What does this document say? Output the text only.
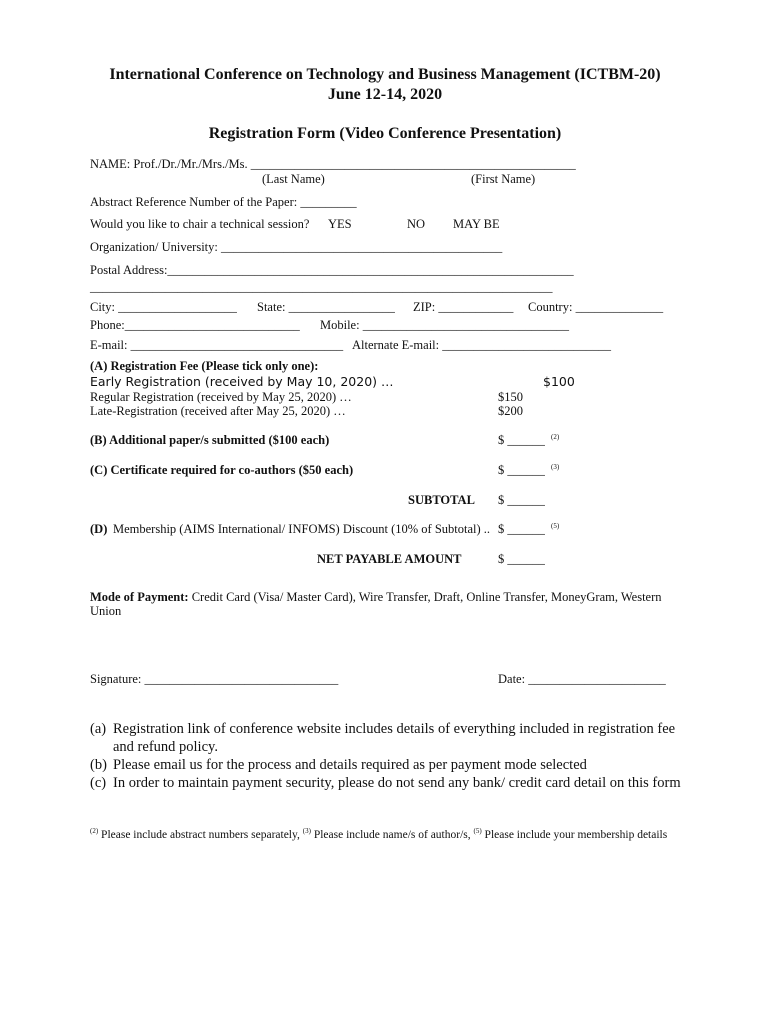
International Conference on Technology and Business Management (ICTBM-20)
June 12-14, 2020
Registration Form (Video Conference Presentation)
NAME: Prof./Dr./Mr./Mrs./Ms. ____________________________________________________
(Last Name)	(First Name)
Abstract Reference Number of the Paper: _________
Would you like to chair a technical session? YES	NO MAY BE
Organization/ University: _____________________________________________
Postal Address:_________________________________________________________________
__________________________________________________________________________
City: ___________________ State: _________________ ZIP: ____________ Country: ______________
Phone:____________________________ Mobile: _________________________________
E-mail: __________________________________ Alternate E-mail: ___________________________
(A) Registration Fee (Please tick only one):
Early Registration (received by May 10, 2020) …	$100
Regular Registration (received by May 25, 2020) …	$150
Late-Registration (received after May 25, 2020) …	$200
(B) Additional paper/s submitted ($100 each)	$ ______ (2)
(C) Certificate required for co-authors ($50 each)	$ ______ (3)
SUBTOTAL $ ______
(D) Membership (AIMS International/ INFOMS) Discount (10% of Subtotal) .. $ ______ (5)
NET PAYABLE AMOUNT	$ ______
Mode of Payment: Credit Card (Visa/ Master Card), Wire Transfer, Draft, Online Transfer, MoneyGram, Western
Union
Signature: _______________________________	Date: ______________________
(a) Registration link of conference website includes details of everything included in registration fee and refund policy.
(b) Please email us for the process and details required as per payment mode selected
(c) In order to maintain payment security, please do not send any bank/ credit card detail on this form
$^{(2)}$ Please include abstract numbers separately, $^{(3)}$ Please include name/s of author/s, $^{(5)}$ Please include your membership details
